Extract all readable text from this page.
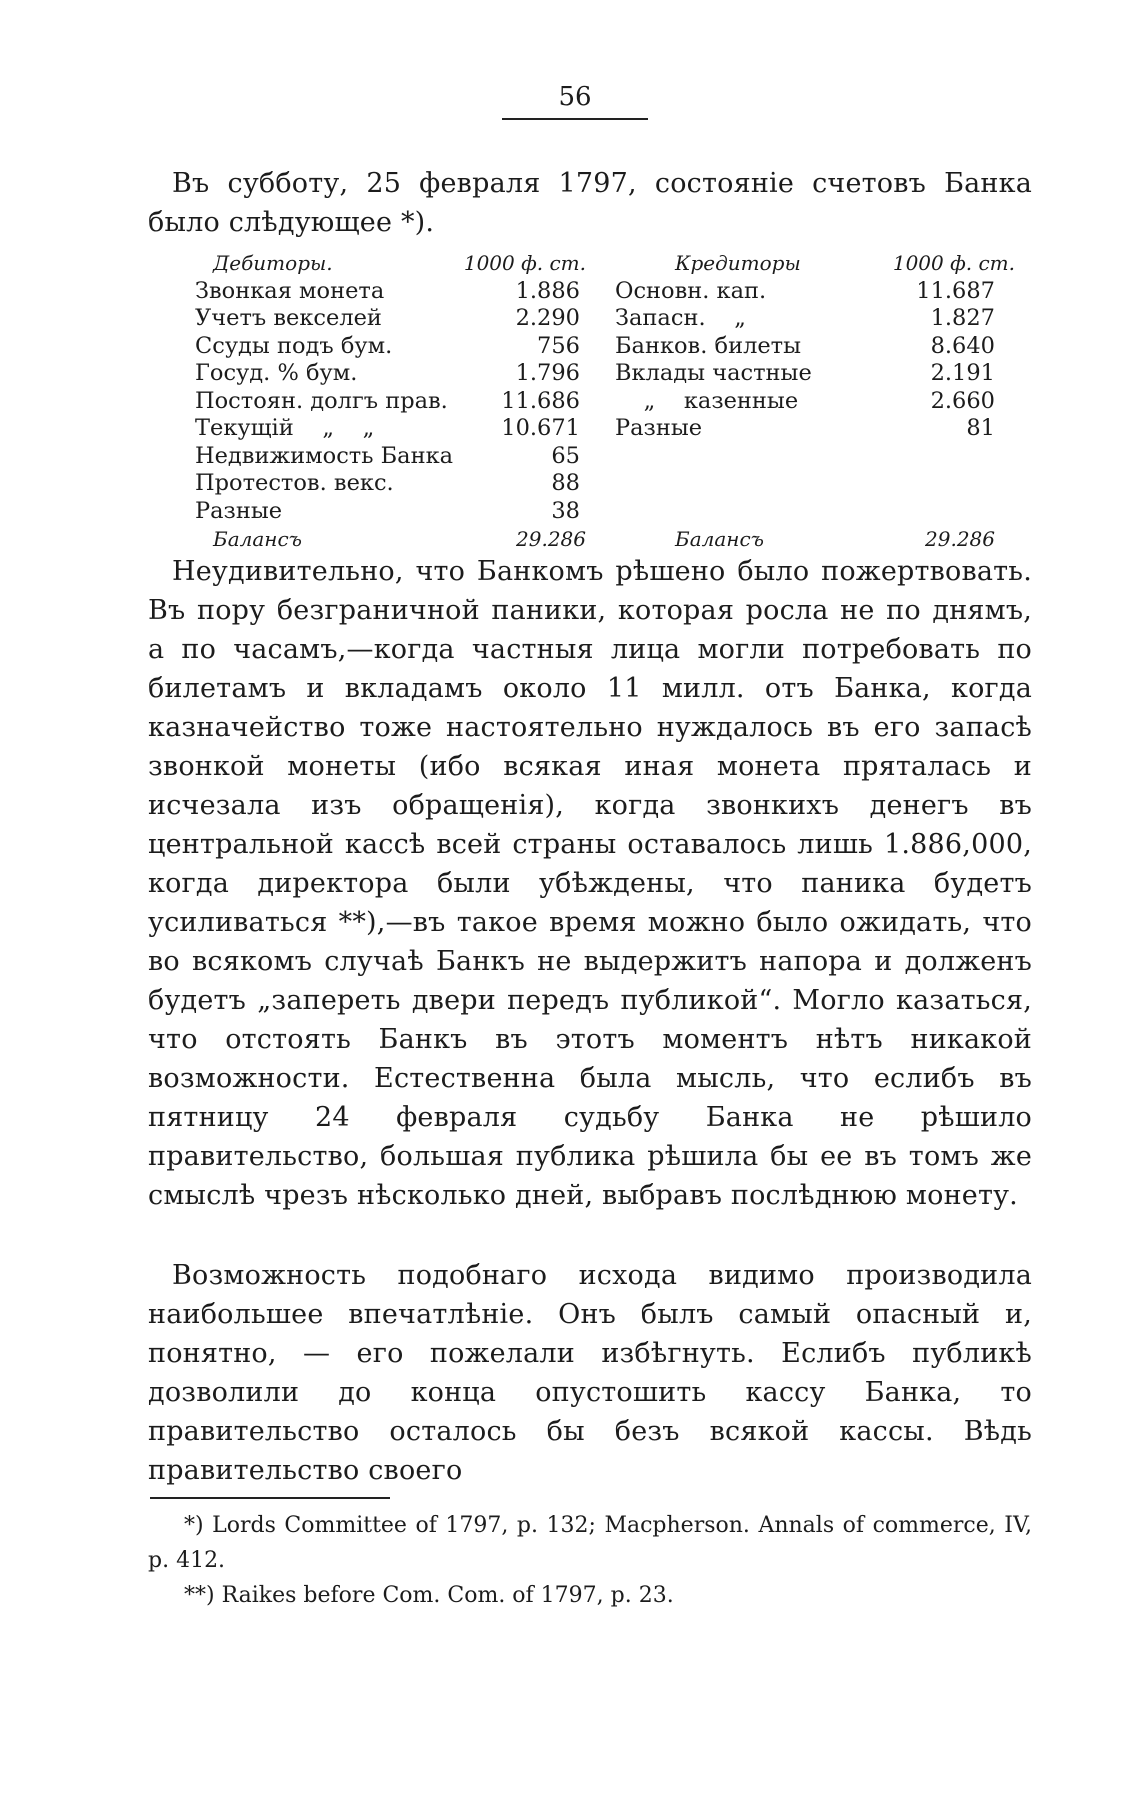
56
Въ субботу, 25 февраля 1797, состояніе счетовъ Банка было слѣдующее *).
Дебиторы.	1000 ф. ст.
Звонкая монета	1.886
Учетъ векселей	2.290
Ссуды подъ бум.	756
Госуд. % бум.	1.796
Постоян. долгъ прав. 11.686
Текущій    „    „	10.671
Недвижимость Банка	65
Протестов. векс.	88
Разные	38
Балансъ	29.286
Кредиторы	1000 ф. ст.
Основн. кап.	11.687
Запасн.    „	1.827
Банков. билеты	8.640
Вклады частные	2.191
„    казенные	2.660
Разные	81
Балансъ	29.286
Неудивительно, что Банкомъ рѣшено было пожертвовать. Въ пору безграничной паники, которая росла не по днямъ, а по часамъ,—когда частныя лица могли потребовать по билетамъ и вкладамъ около 11 милл. отъ Банка, когда казначейство тоже настоятельно нуждалось въ его запасѣ звонкой монеты (ибо всякая иная монета пряталась и исчезала изъ обращенія), когда звонкихъ денегъ въ центральной кассѣ всей страны оставалось лишь 1.886,000, когда директора были убѣждены, что паника будетъ усиливаться **),—въ такое время можно было ожидать, что во всякомъ случаѣ Банкъ не выдержитъ напора и долженъ будетъ „запереть двери передъ публикой“. Могло казаться, что отстоять Банкъ въ этотъ моментъ нѣтъ никакой возможности. Естественна была мысль, что еслибъ въ пятницу 24 февраля судьбу Банка не рѣшило правительство, большая публика рѣшила бы ее въ томъ же смыслѣ чрезъ нѣсколько дней, выбравъ послѣднюю монету.
Возможность подобнаго исхода видимо производила наибольшее впечатлѣніе. Онъ былъ самый опасный и, понятно, — его пожелали избѣгнуть. Еслибъ публикѣ дозволили до конца опустошить кассу Банка, то правительство осталось бы безъ всякой кассы. Вѣдь правительство своего
*) Lords Committee of 1797, p. 132; Macpherson. Annals of commerce, IV, p. 412.
**) Raikes before Com. Com. of 1797, p. 23.
